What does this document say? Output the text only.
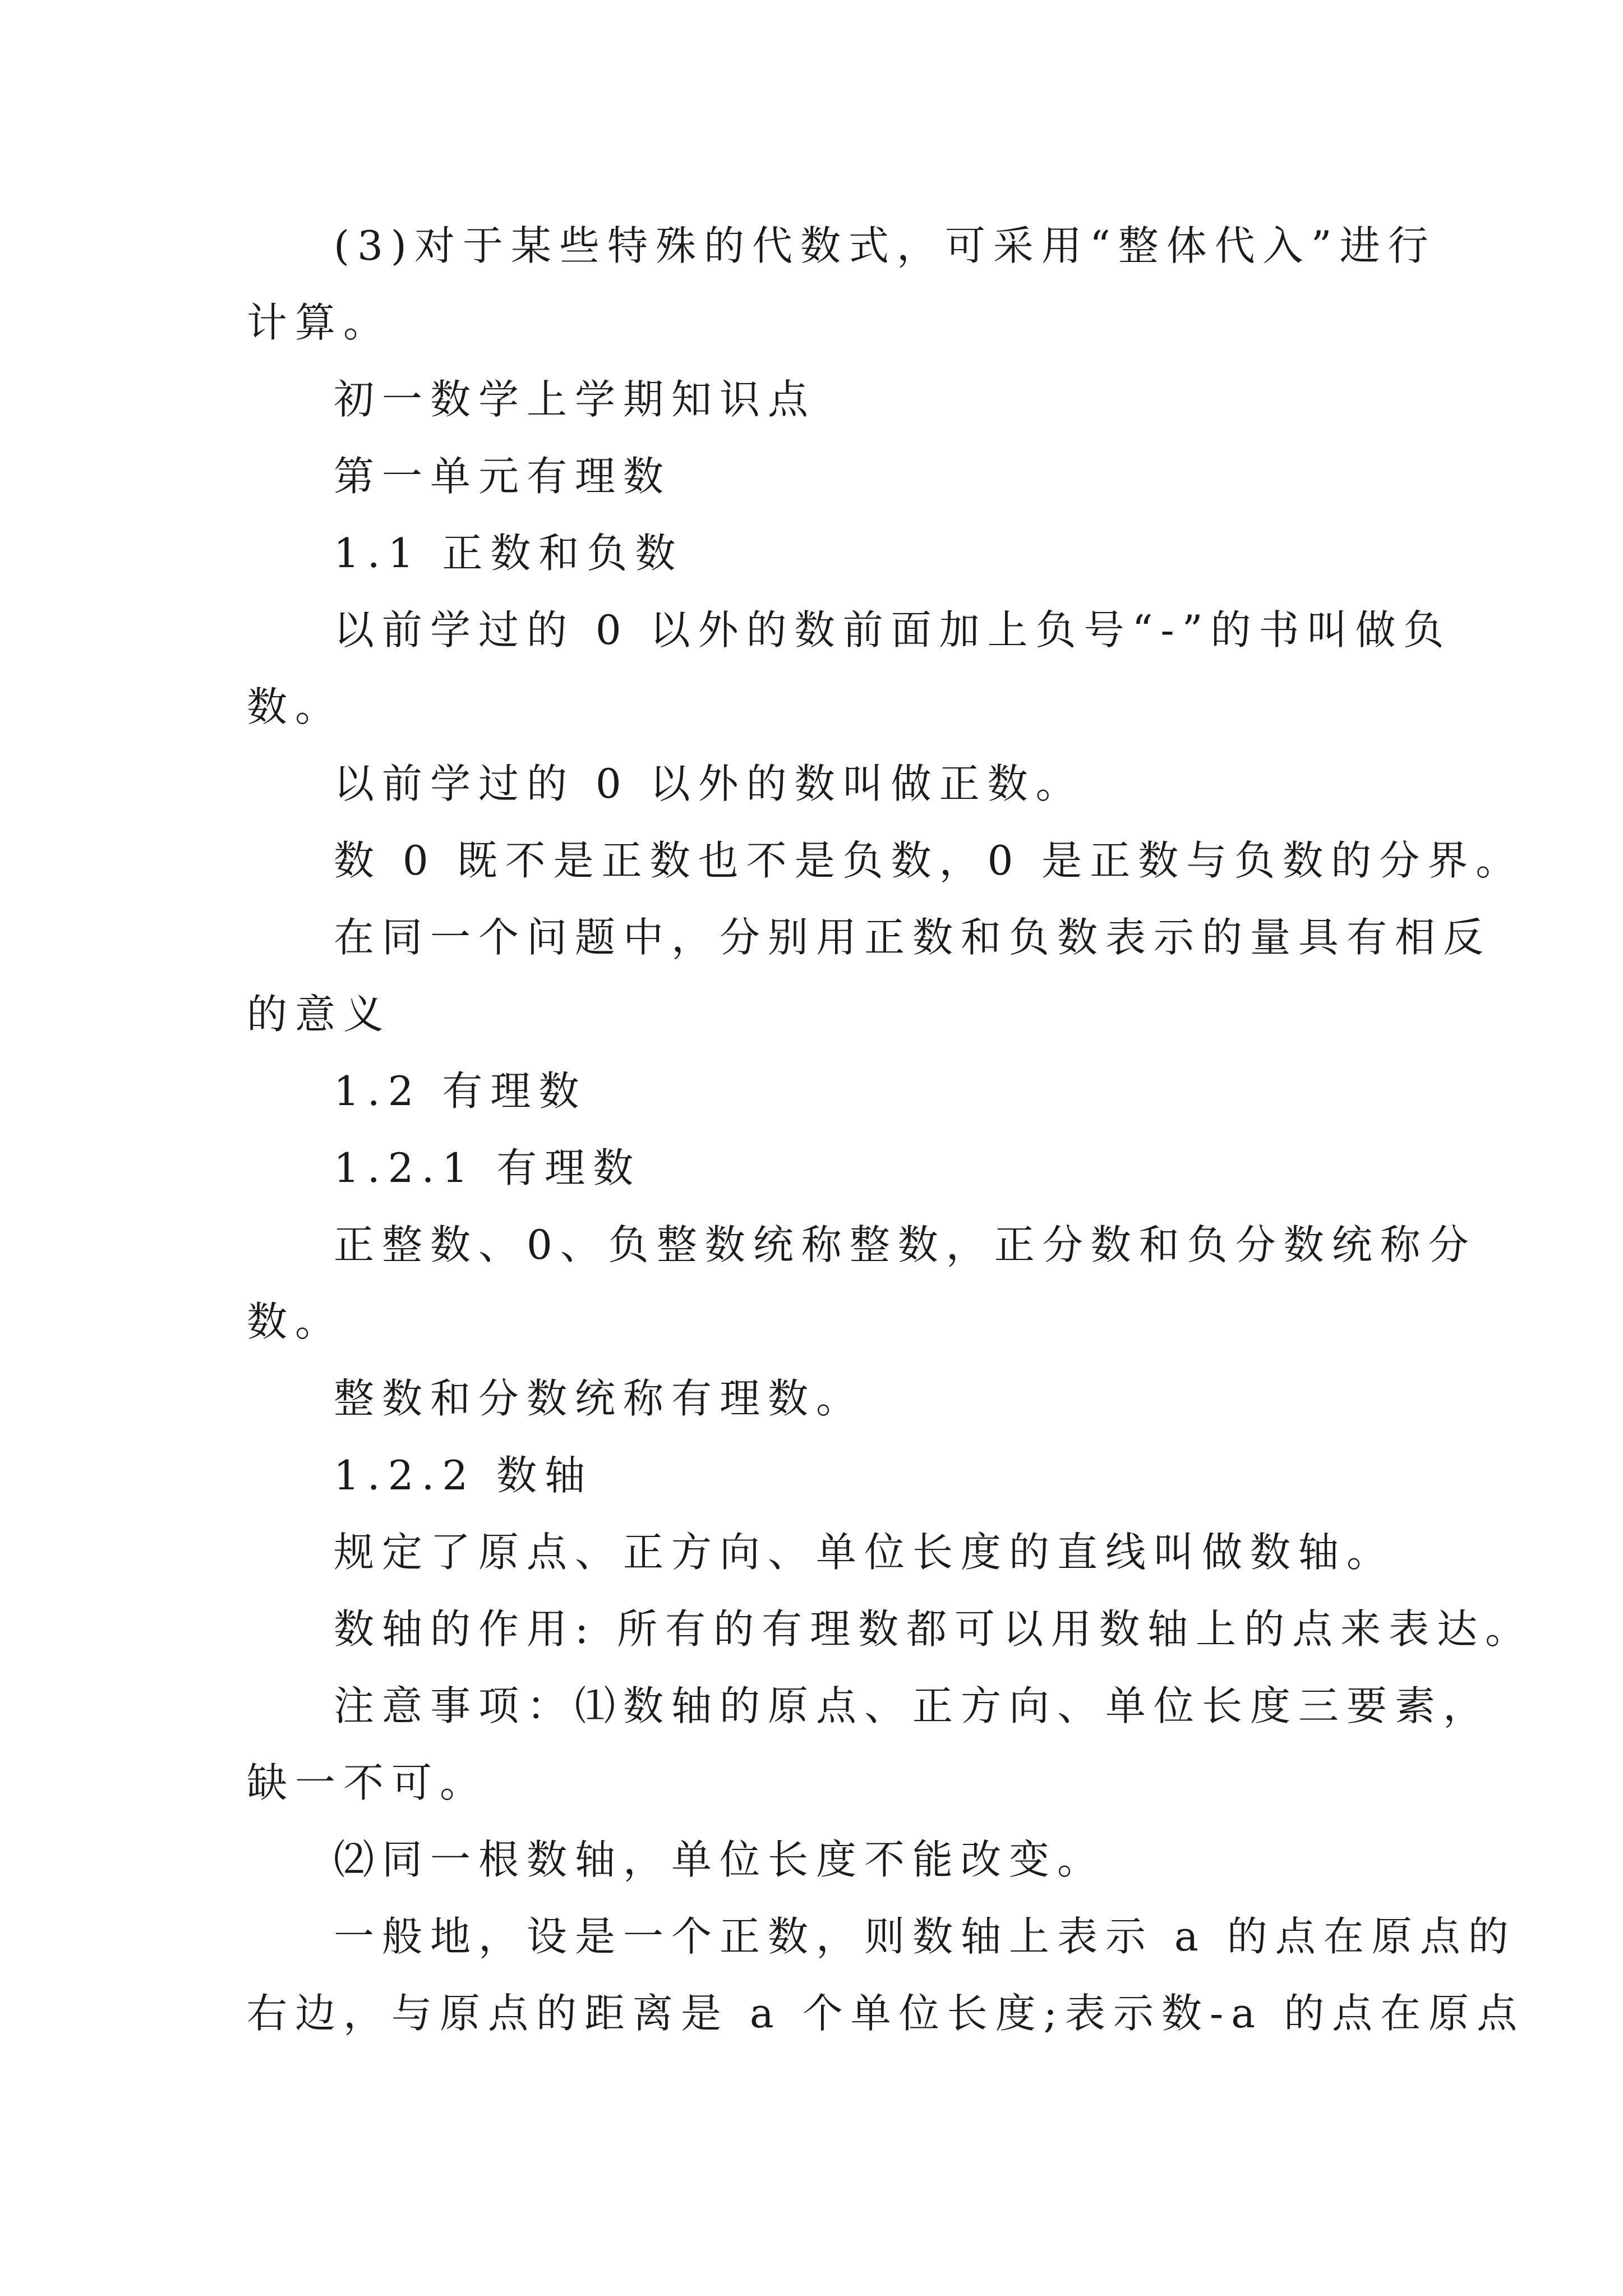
(3)对于某些特殊的代数式，可采用“整体代入”进行
计算。
初一数学上学期知识点
第一单元有理数
1.1 正数和负数
以前学过的 0 以外的数前面加上负号“-”的书叫做负
数。
以前学过的 0 以外的数叫做正数。
数 0 既不是正数也不是负数，0 是正数与负数的分界。
在同一个问题中，分别用正数和负数表示的量具有相反
的意义
1.2 有理数
1.2.1 有理数
正整数、0、负整数统称整数，正分数和负分数统称分
数。
整数和分数统称有理数。
1.2.2 数轴
规定了原点、正方向、单位长度的直线叫做数轴。
数轴的作用: 所有的有理数都可以用数轴上的点来表达。
注意事项：⑴数轴的原点、正方向、单位长度三要素，
缺一不可。
⑵同一根数轴，单位长度不能改变。
一般地，设是一个正数，则数轴上表示 a 的点在原点的
右边，与原点的距离是 a 个单位长度;表示数-a 的点在原点
